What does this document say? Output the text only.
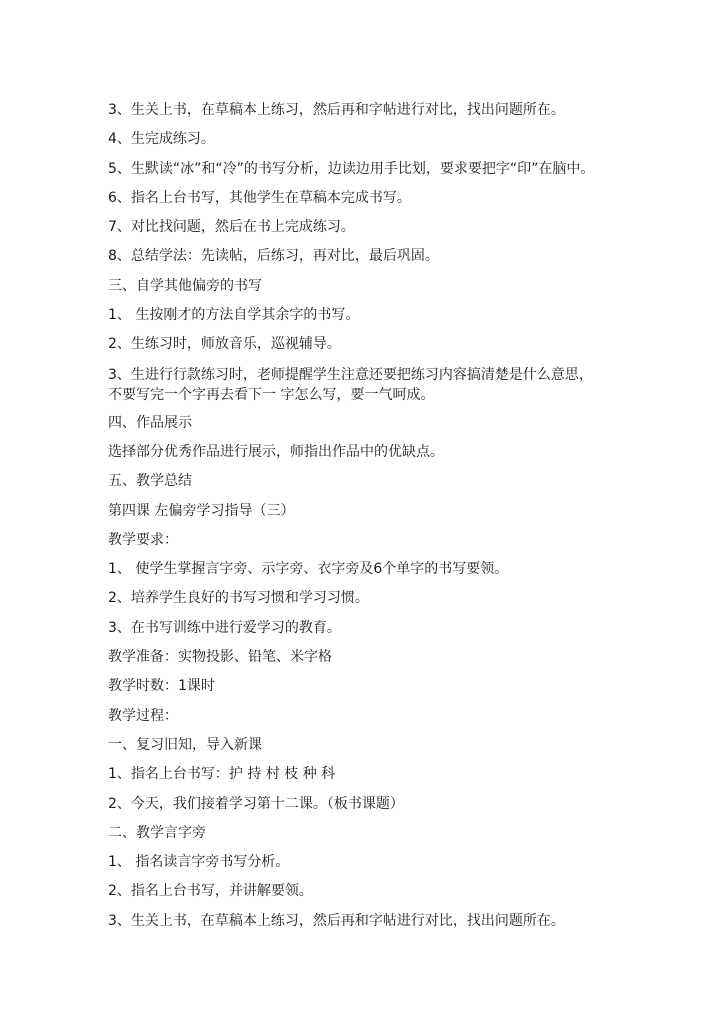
3、生关上书，在草稿本上练习，然后再和字帖进行对比，找出问题所在。
4、生完成练习。
5、生默读“冰”和“冷”的书写分析，边读边用手比划，要求要把字“印”在脑中。
6、指名上台书写，其他学生在草稿本完成书写。
7、对比找问题，然后在书上完成练习。
8、总结学法：先读帖，后练习，再对比，最后巩固。
三、自学其他偏旁的书写
1、 生按刚才的方法自学其余字的书写。
2、生练习时，师放音乐，巡视辅导。
3、生进行行款练习时，老师提醒学生注意还要把练习内容搞清楚是什么意思，
不要写完一个字再去看下一 字怎么写，要一气呵成。
四、作品展示
选择部分优秀作品进行展示，师指出作品中的优缺点。
五、教学总结
第四课 左偏旁学习指导（三）
教学要求：
1、 使学生掌握言字旁、示字旁、衣字旁及6个单字的书写要领。
2、培养学生良好的书写习惯和学习习惯。
3、在书写训练中进行爱学习的教育。
教学准备：实物投影、铅笔、米字格
教学时数：1课时
教学过程：
一、复习旧知，导入新课
1、指名上台书写：护 持 村 枝 种 科
2、今天，我们接着学习第十二课。（板书课题）
二、教学言字旁
1、 指名读言字旁书写分析。
2、指名上台书写，并讲解要领。
3、生关上书，在草稿本上练习，然后再和字帖进行对比，找出问题所在。
